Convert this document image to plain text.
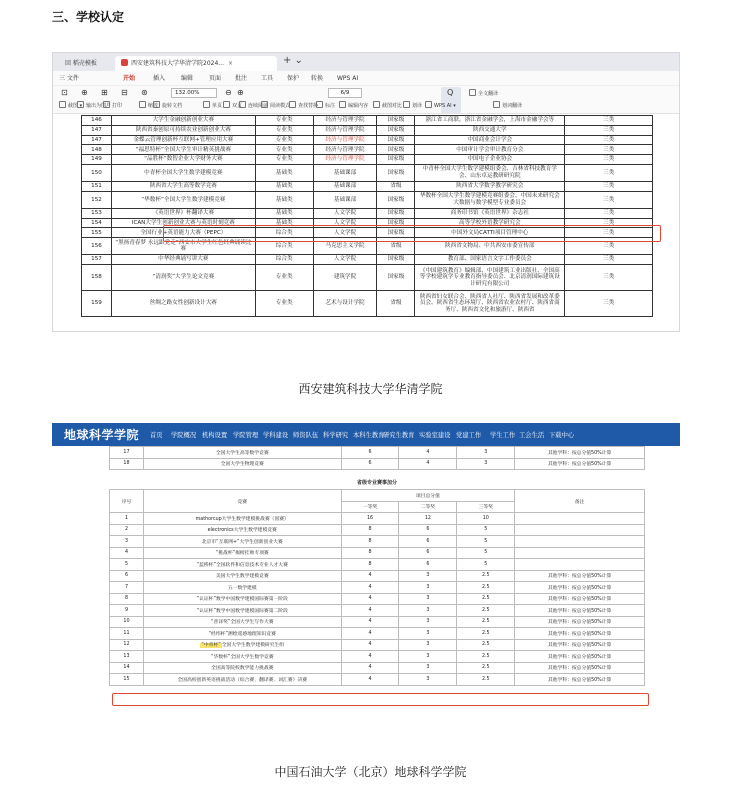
三、学校认定
回 稻壳模板	西安建筑科技大学华清学院2024... ×	+ ⌄
三 文件	开始	插入	编辑	页面 批注 工具 保护 转换 WPS AI
132.00%	6/9
截图 ▾ 输出为图片 打印	缩放 旋转文档	单页	双页	连续阅读 阅读模式	查找替换	标注	编辑内容	截图对比	划译	WPS AI ▾
全文翻译
划词翻译
⊖ ⊕	Q
⊡ ⊕ ⊞ ⊟ ⊛
146	大学生金融创新创业大赛	专业类	经济与管理学院	国家级	浙江省工商联，浙江省金融学会，上海市金融学会等	三类
147	陕西省秦创原可持续农业创新创业大赛	专业类	经济与管理学院	国家级	陕西交通大学	三类
147	金蝶云管理创新杯互联网+管理应用大赛	专业类	经济与管理学院	国家级	中国商业会计学会	三类
148	“福思特杯”全国大学生审计精英挑战赛	专业类	经济与管理学院	国家级	中国审计学会审计教育分会	三类
149	“品胜杯”数智企业大学财务大赛	专业类	经济与管理学院	国家级	中国电子企业协会	三类
150	中青杯全国大学生数学建模竞赛	基础类	基础课部	国家级	中青杯全国大学生数学建模组委会、吉林省科技教育学会、山东卓运教研研究院	三类
151	陕西省大学生高等数学竞赛	基础类	基础课部	省级	陕西省大学数学教学研究会	三类
152	“华数杯”全国大学生数学建模竞赛	基础类	基础课部	国家级	华数杯全国大学生数学建模竞赛组委会、中国未来研究会大数据与数学模型专业委员会	三类
153	《英语世界》杯翻译大赛	基础类	人文学院	国家级	商务印书馆《英语世界》杂志社	三类
154	ICAN大学生创新创业大赛与英语时刻竞赛	基础类	人文学院	国家级	高等学校外语教学研究会	三类
155	全国行业+英语能力大赛（PEPC）	综合类	人文学院	国家级	中国外文局CATTI项目管理中心	三类
156	“黑扬青春梦 永远跟党走”西安市大学生红色经典诵读比赛	综合类	马克思主义学院	省级	陕西省文物局、中共西安市委宣传部	三类
157	中华经典诵写讲大赛	综合类	人文学院	国家级	教育部、国家语言文字工作委员会	三类
158	“清润奖”大学生论文竞赛	专业类	建筑学院	国家级	《中国建筑教育》编辑部、中国建筑工业出版社、全国高等学校建筑学专业教育指导委员会、北京清润国际建筑设计研究有限公司	三类
159	丝绸之路女性创新设计大赛	专业类	艺术与设计学院	省级	陕西省妇女联合会、陕西省人社厅、陕西省发展和改革委员会、陕西省生态环境厅、陕西省农业农村厅、陕西省商务厅、陕西省文化和旅游厅、陕西省	三类
西安建筑科技大学华清学院
地球科学学院 首页 学院概况 机构设置 学院管理 学科建设 师资队伍 科学研究 本科生教育
研究生教育 实验室建设 党建工作 学生工作 工会生活 下载中心
17	全国大学生高等数学竞赛	6	4	3	其他学科：按总分值50%计算
18	全国大学生物理竞赛	6	4	3	其他学科：按总分值50%计算
省级专业赛事加分
序号	竞赛	项目总分值			备注
		一等奖	二等奖	三等奖	
1	mathorcup大学生数学建模挑战赛（国赛）	16	12	10	
2	electronics大学生数学建模竞赛	8	6	5	
3	北京市“互联网+”大学生创新创业大赛	8	6	5	
4	“挑战杯”揭榜挂帅专项赛	8	6	5	
5	“蓝桥杯”全国软件和信息技术专业人才大赛	8	6	5	
6	美国大学生数学建模竞赛	4	3	2.5	其他学科：按总分值50%计算
7	五一数学建模	4	3	2.5	其他学科：按总分值50%计算
8	“认证杯”数学中国数学建模国际赛第一阶段	4	3	2.5	其他学科：按总分值50%计算
9	“认证杯”数学中国数学建模国际赛第二阶段	4	3	2.5	其他学科：按总分值50%计算
10	“普译奖”全国大学生写作大赛	4	3	2.5	其他学科：按总分值50%计算
11	“经纬杯”测绘遥感地理知识竞赛	4	3	2.5	其他学科：按总分值50%计算
12	“中青杯”全国大学生数学建模研究生组	4	3	2.5	其他学科：按总分值50%计算
13	“华数杯”全国大学生数学竞赛	4	3	2.5	其他学科：按总分值50%计算
14	全国高等院校数学能力挑战赛	4	3	2.5	其他学科：按总分值50%计算
15	全国高校创新英语挑战活动（综合赛、翻译赛、词汇赛）决赛	4	3	2.5	其他学科：按总分值50%计算
中国石油大学（北京）地球科学学院
